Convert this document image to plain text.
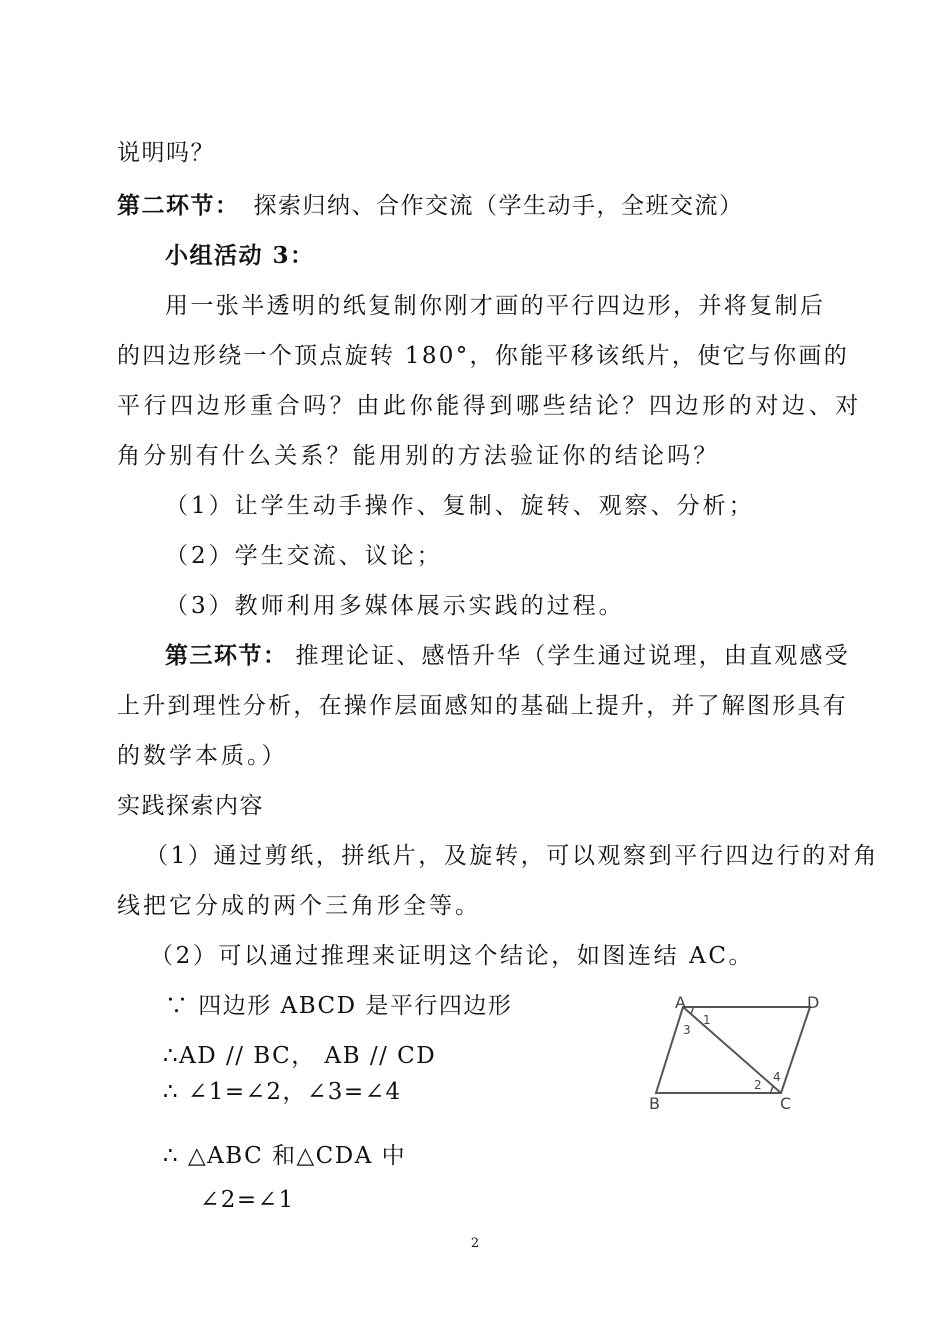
说明吗？
第二环节： 探索归纳、合作交流（学生动手，全班交流）
小组活动 3：
用一张半透明的纸复制你刚才画的平行四边形，并将复制后
的四边形绕一个顶点旋转 180°，你能平移该纸片，使它与你画的
平行四边形重合吗？由此你能得到哪些结论？四边形的对边、对
角分别有什么关系？能用别的方法验证你的结论吗？
（1）让学生动手操作、复制、旋转、观察、分析；
（2）学生交流、议论；
（3）教师利用多媒体展示实践的过程。
第三环节： 推理论证、感悟升华（学生通过说理，由直观感受
上升到理性分析，在操作层面感知的基础上提升，并了解图形具有
的数学本质。）
实践探索内容
（1）通过剪纸，拼纸片，及旋转，可以观察到平行四边行的对角
线把它分成的两个三角形全等。
（2）可以通过推理来证明这个结论，如图连结 AC。
∵ 四边形 ABCD 是平行四边形
∴AD // BC， AB // CD
∴ ∠1=∠2，∠3=∠4
∴ △ABC 和△CDA 中
∠2=∠1
A	D
B	C
1
2
3
4
2
